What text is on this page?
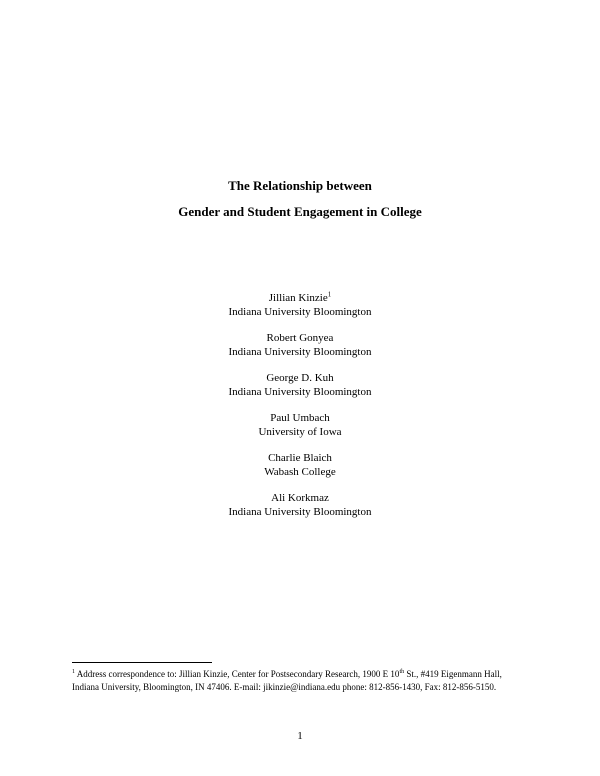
The Relationship between
Gender and Student Engagement in College
Jillian Kinzie$^1$
Indiana University Bloomington
Robert Gonyea
Indiana University Bloomington
George D. Kuh
Indiana University Bloomington
Paul Umbach
University of Iowa
Charlie Blaich
Wabash College
Ali Korkmaz
Indiana University Bloomington
$^1$ Address correspondence to: Jillian Kinzie, Center for Postsecondary Research, 1900 E 10th St., #419 Eigenmann Hall, Indiana University, Bloomington, IN 47406. E-mail: jikinzie@indiana.edu phone: 812-856-1430, Fax: 812-856-5150.
1
